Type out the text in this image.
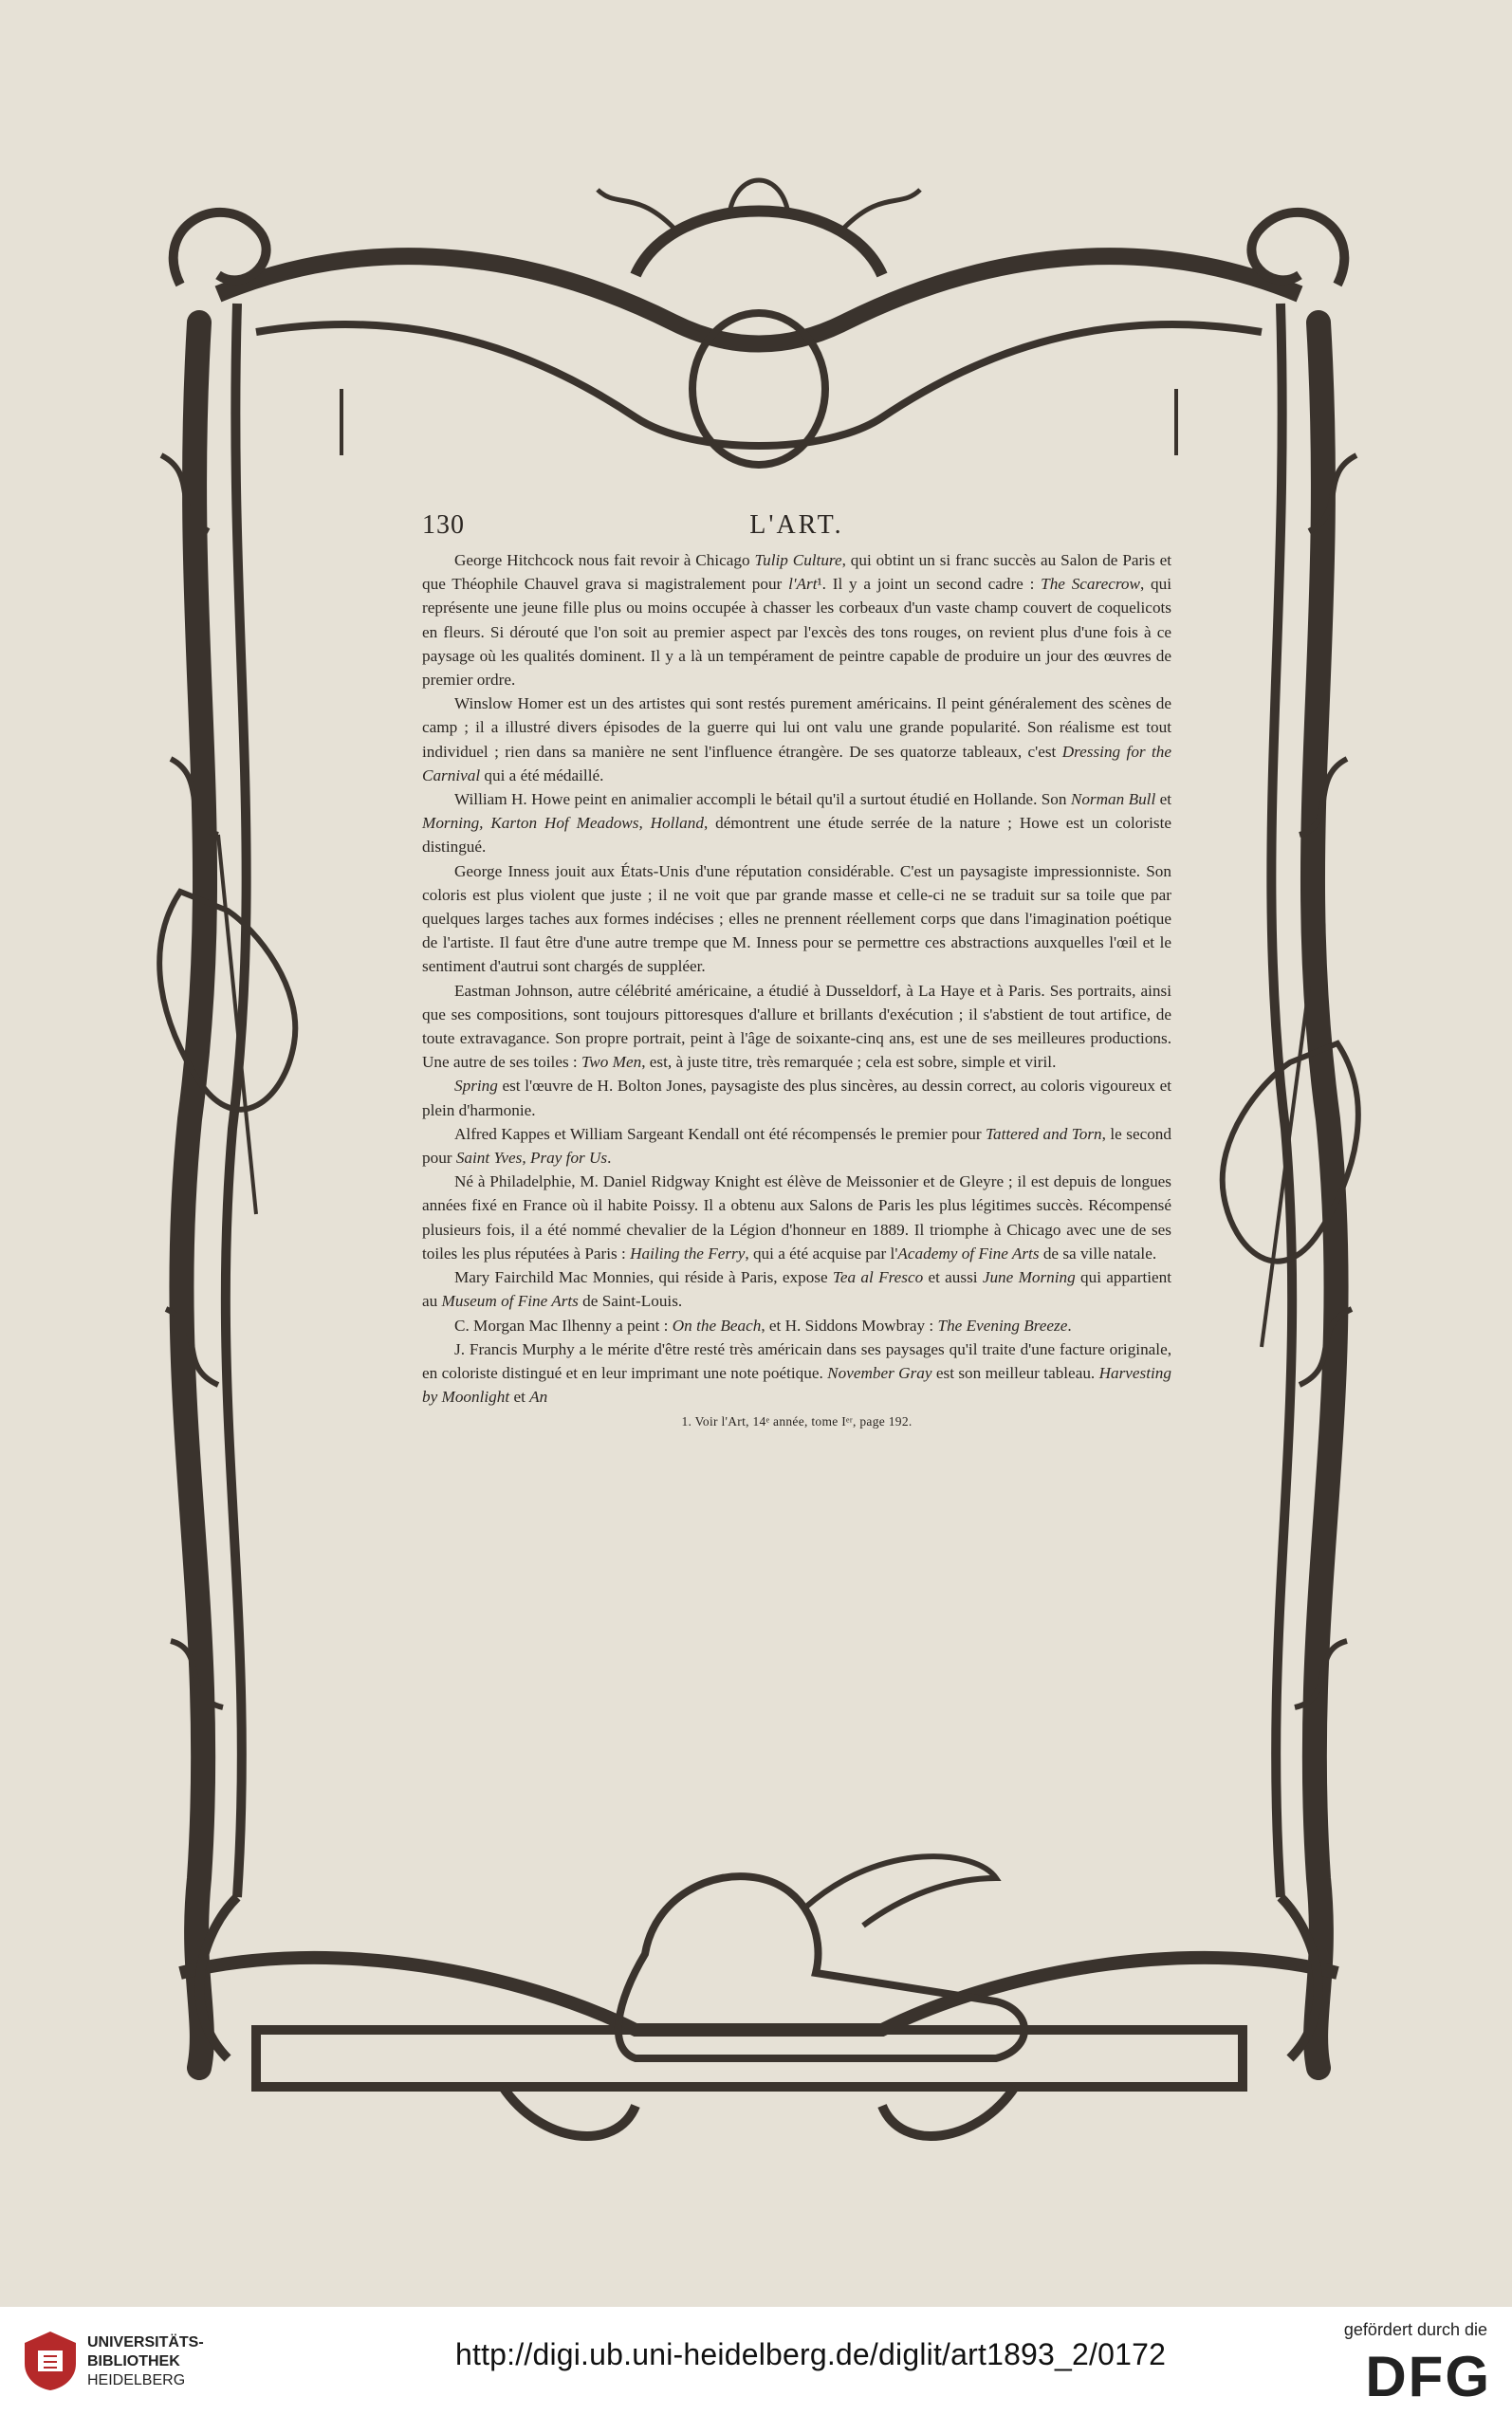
130	L'ART.

George Hitchcock nous fait revoir à Chicago Tulip Culture, qui obtint un si franc succès au Salon de Paris et que Théophile Chauvel grava si magistralement pour l'Art¹. Il y a joint un second cadre : The Scarecrow, qui représente une jeune fille plus ou moins occupée à chasser les corbeaux d'un vaste champ couvert de coquelicots en fleurs. Si dérouté que l'on soit au premier aspect par l'excès des tons rouges, on revient plus d'une fois à ce paysage où les qualités dominent. Il y a là un tempérament de peintre capable de produire un jour des œuvres de premier ordre.

Winslow Homer est un des artistes qui sont restés purement américains. Il peint généralement des scènes de camp ; il a illustré divers épisodes de la guerre qui lui ont valu une grande popularité. Son réalisme est tout individuel ; rien dans sa manière ne sent l'influence étrangère. De ses quatorze tableaux, c'est Dressing for the Carnival qui a été médaillé.

William H. Howe peint en animalier accompli le bétail qu'il a surtout étudié en Hollande. Son Norman Bull et Morning, Karton Hof Meadows, Holland, démontrent une étude serrée de la nature ; Howe est un coloriste distingué.

George Inness jouit aux États-Unis d'une réputation considérable. C'est un paysagiste impressionniste. Son coloris est plus violent que juste ; il ne voit que par grande masse et celle-ci ne se traduit sur sa toile que par quelques larges taches aux formes indécises ; elles ne prennent réellement corps que dans l'imagination poétique de l'artiste. Il faut être d'une autre trempe que M. Inness pour se permettre ces abstractions auxquelles l'œil et le sentiment d'autrui sont chargés de suppléer.

Eastman Johnson, autre célébrité américaine, a étudié à Dusseldorf, à La Haye et à Paris. Ses portraits, ainsi que ses compositions, sont toujours pittoresques d'allure et brillants d'exécution ; il s'abstient de tout artifice, de toute extravagance. Son propre portrait, peint à l'âge de soixante-cinq ans, est une de ses meilleures productions. Une autre de ses toiles : Two Men, est, à juste titre, très remarquée ; cela est sobre, simple et viril.

Spring est l'œuvre de H. Bolton Jones, paysagiste des plus sincères, au dessin correct, au coloris vigoureux et plein d'harmonie.

Alfred Kappes et William Sargeant Kendall ont été récompensés le premier pour Tattered and Torn, le second pour Saint Yves, Pray for Us.

Né à Philadelphie, M. Daniel Ridgway Knight est élève de Meissonier et de Gleyre ; il est depuis de longues années fixé en France où il habite Poissy. Il a obtenu aux Salons de Paris les plus légitimes succès. Récompensé plusieurs fois, il a été nommé chevalier de la Légion d'honneur en 1889. Il triomphe à Chicago avec une de ses toiles les plus réputées à Paris : Hailing the Ferry, qui a été acquise par l'Academy of Fine Arts de sa ville natale.

Mary Fairchild Mac Monnies, qui réside à Paris, expose Tea al Fresco et aussi June Morning qui appartient au Museum of Fine Arts de Saint-Louis.

C. Morgan Mac Ilhenny a peint : On the Beach, et H. Siddons Mowbray : The Evening Breeze.

J. Francis Murphy a le mérite d'être resté très américain dans ses paysages qu'il traite d'une facture originale, en coloriste distingué et en leur imprimant une note poétique. November Gray est son meilleur tableau. Harvesting by Moonlight et An

1. Voir l'Art, 14ᵉ année, tome Iᵉʳ, page 192.
UNIVERSITÄTS-
BIBLIOTHEK
HEIDELBERG
http://digi.ub.uni-heidelberg.de/diglit/art1893_2/0172
gefördert durch die
DFG
